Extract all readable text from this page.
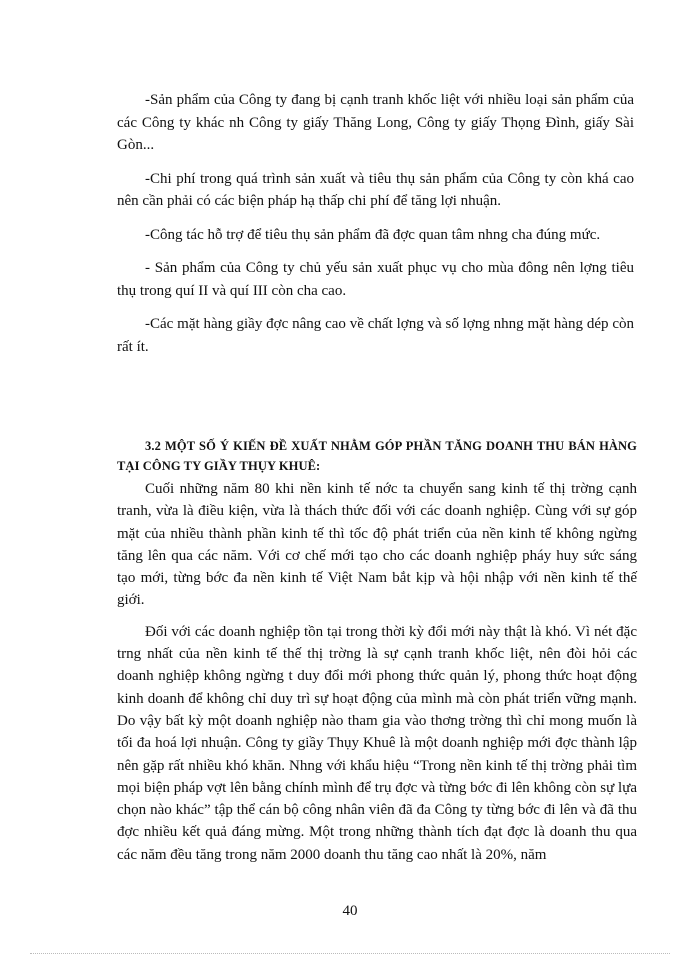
-Sản phẩm của Công ty đang bị cạnh tranh khốc liệt với nhiều loại sản phẩm của các Công ty khác nh Công ty giấy Thăng Long, Công ty giấy Thọng Đình, giấy Sài Gòn...

-Chi phí trong quá trình sản xuất và tiêu thụ sản phẩm của Công ty còn khá cao nên cần phải có các biện pháp hạ thấp chi phí để tăng lợi nhuận.

-Công tác hỗ trợ để tiêu thụ sản phẩm đã đợc quan tâm nhng cha đúng mức.

- Sản phẩm của Công ty chủ yếu sản xuất phục vụ cho mùa đông nên lợng tiêu thụ trong quí II và quí III còn cha cao.

-Các mặt hàng giầy đợc nâng cao về chất lợng và số lợng nhng mặt hàng dép còn rất ít.

3.2 MỘT SỐ Ý KIẾN ĐỀ XUẤT NHẰM GÓP PHẦN TĂNG DOANH THU BÁN HÀNG TẠI CÔNG TY GIẦY THỤY KHUÊ:

Cuối những năm 80 khi nền kinh tế nớc ta chuyển sang kinh tế thị trờng cạnh tranh, vừa là điều kiện, vừa là thách thức đối với các doanh nghiệp. Cùng với sự góp mặt của nhiều thành phần kinh tế thì tốc độ phát triển của nền kinh tế không ngừng tăng lên qua các năm. Với cơ chế mới tạo cho các doanh nghiệp pháy huy sức sáng tạo mới, từng bớc đa nền kinh tế Việt Nam bắt kịp và hội nhập với nền kinh tế thế giới.

Đối với các doanh nghiệp tồn tại trong thời kỳ đổi mới này thật là khó. Vì nét đặc trng nhất của nền kinh tế thế thị trờng là sự cạnh tranh khốc liệt, nên đòi hỏi các doanh nghiệp không ngừng t duy đổi mới phong thức quản lý, phong thức hoạt động kinh doanh để không chỉ duy trì sự hoạt động của mình mà còn phát triển vững mạnh. Do vậy bất kỳ một doanh nghiệp nào tham gia vào thơng trờng thì chỉ mong muốn là tối đa hoá lợi nhuận. Công ty giầy Thụy Khuê là một doanh nghiệp mới đợc thành lập nên gặp rất nhiều khó khăn. Nhng với khẩu hiệu “Trong nền kinh tế thị trờng phải tìm mọi biện pháp vợt lên bằng chính mình để trụ đợc và từng bớc đi lên không còn sự lựa chọn nào khác” tập thể cán bộ công nhân viên đã đa Công ty từng bớc đi lên và đã thu đợc nhiều kết quả đáng mừng. Một trong những thành tích đạt đợc là doanh thu qua các năm đều tăng trong năm 2000 doanh thu tăng cao nhất là 20%, năm

40
